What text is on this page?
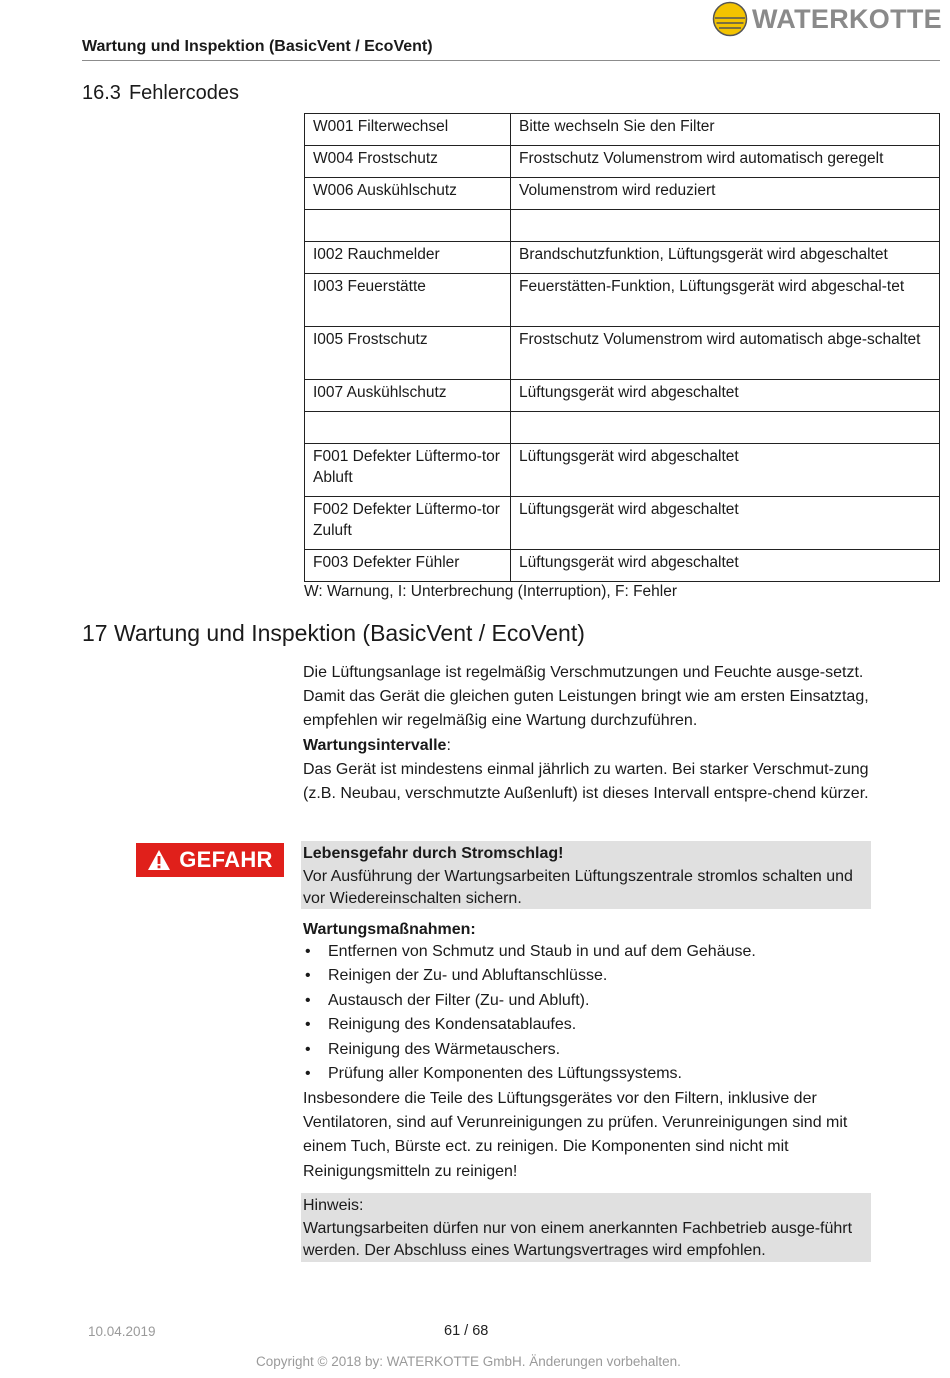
WATERKOTTE
Wartung und Inspektion (BasicVent / EcoVent)
16.3 Fehlercodes
W001 Filterwechsel	Bitte wechseln Sie den Filter
W004 Frostschutz	Frostschutz Volumenstrom wird automatisch geregelt
W006 Auskühlschutz	Volumenstrom wird reduziert

I002 Rauchmelder	Brandschutzfunktion, Lüftungsgerät wird abgeschaltet
I003 Feuerstätte	Feuerstätten-Funktion, Lüftungsgerät wird abgeschal-tet
I005 Frostschutz	Frostschutz Volumenstrom wird automatisch abge-schaltet
I007 Auskühlschutz	Lüftungsgerät wird abgeschaltet

F001 Defekter Lüftermo-tor Abluft	Lüftungsgerät wird abgeschaltet
F002 Defekter Lüftermo-tor Zuluft	Lüftungsgerät wird abgeschaltet
F003 Defekter Fühler	Lüftungsgerät wird abgeschaltet
W: Warnung, I: Unterbrechung (Interruption), F: Fehler
17 Wartung und Inspektion (BasicVent / EcoVent)
Die Lüftungsanlage ist regelmäßig Verschmutzungen und Feuchte ausge-setzt. Damit das Gerät die gleichen guten Leistungen bringt wie am ersten Einsatztag, empfehlen wir regelmäßig eine Wartung durchzuführen.
Wartungsintervalle:
Das Gerät ist mindestens einmal jährlich zu warten. Bei starker Verschmut-zung (z.B. Neubau, verschmutzte Außenluft) ist dieses Intervall entspre-chend kürzer.
GEFAHR Lebensgefahr durch Stromschlag!
Vor Ausführung der Wartungsarbeiten Lüftungszentrale stromlos schalten und vor Wiedereinschalten sichern.
Wartungsmaßnahmen:
• Entfernen von Schmutz und Staub in und auf dem Gehäuse.
• Reinigen der Zu- und Abluftanschlüsse.
• Austausch der Filter (Zu- und Abluft).
• Reinigung des Kondensatablaufes.
• Reinigung des Wärmetauschers.
• Prüfung aller Komponenten des Lüftungssystems.
Insbesondere die Teile des Lüftungsgerätes vor den Filtern, inklusive der Ventilatoren, sind auf Verunreinigungen zu prüfen. Verunreinigungen sind mit einem Tuch, Bürste ect. zu reinigen. Die Komponenten sind nicht mit Reinigungsmitteln zu reinigen!
Hinweis:
Wartungsarbeiten dürfen nur von einem anerkannten Fachbetrieb ausge-führt werden. Der Abschluss eines Wartungsvertrages wird empfohlen.
10.04.2019	61 / 68
Copyright © 2018 by: WATERKOTTE GmbH. Änderungen vorbehalten.
